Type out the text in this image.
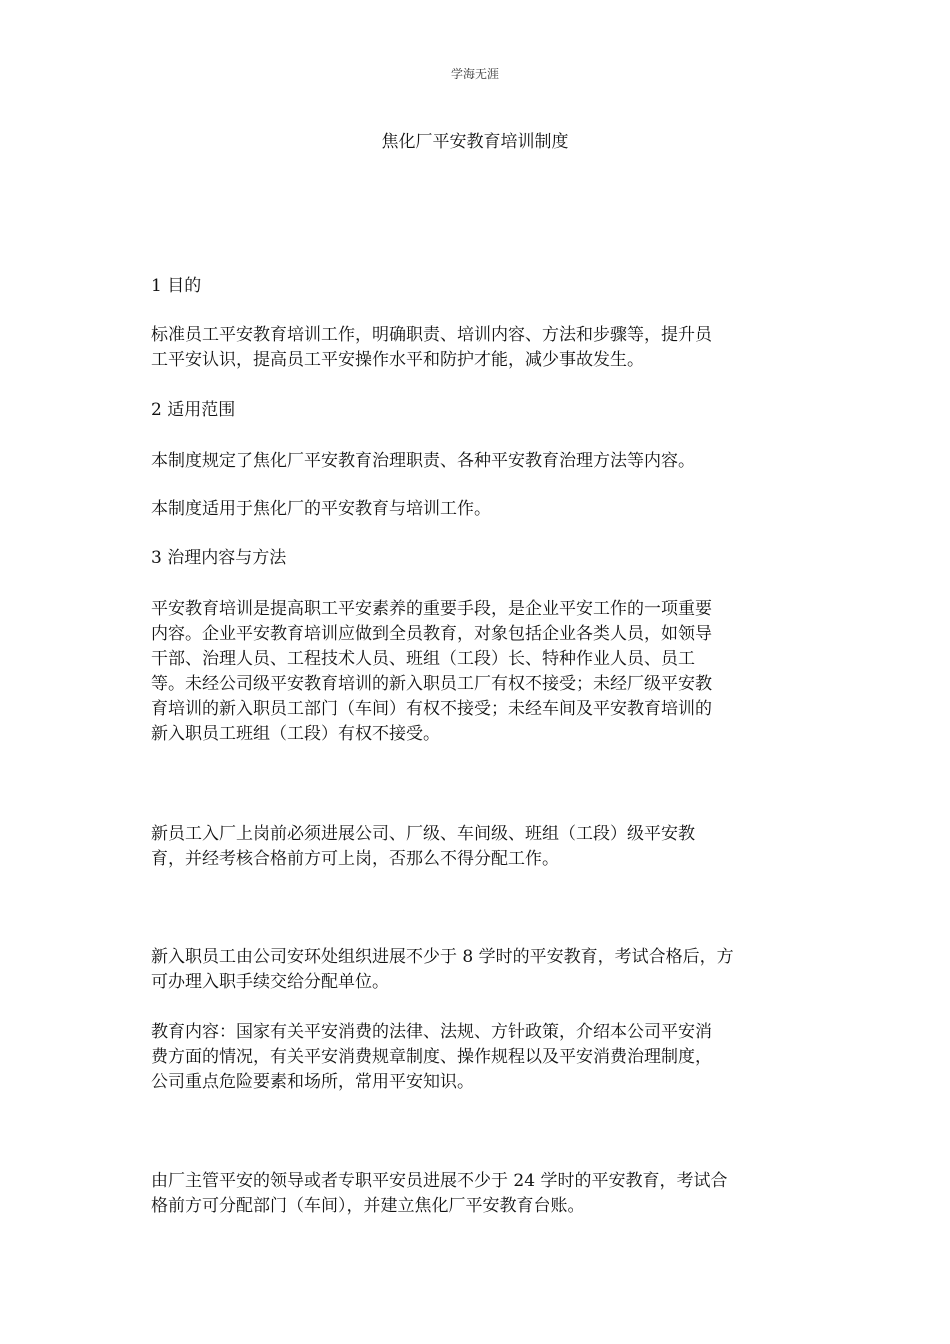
学海无涯
焦化厂平安教育培训制度

1 目的

标准员工平安教育培训工作，明确职责、培训内容、方法和步骤等，提升员
工平安认识，提高员工平安操作水平和防护才能，减少事故发生。

2 适用范围

本制度规定了焦化厂平安教育治理职责、各种平安教育治理方法等内容。

本制度适用于焦化厂的平安教育与培训工作。

3 治理内容与方法

平安教育培训是提高职工平安素养的重要手段，是企业平安工作的一项重要
内容。企业平安教育培训应做到全员教育，对象包括企业各类人员，如领导
干部、治理人员、工程技术人员、班组（工段）长、特种作业人员、员工
等。未经公司级平安教育培训的新入职员工厂有权不接受；未经厂级平安教
育培训的新入职员工部门（车间）有权不接受；未经车间及平安教育培训的
新入职员工班组（工段）有权不接受。

新员工入厂上岗前必须进展公司、厂级、车间级、班组（工段）级平安教
育，并经考核合格前方可上岗，否那么不得分配工作。

新入职员工由公司安环处组织进展不少于 8 学时的平安教育，考试合格后，方
可办理入职手续交给分配单位。

教育内容：国家有关平安消费的法律、法规、方针政策，介绍本公司平安消
费方面的情况，有关平安消费规章制度、操作规程以及平安消费治理制度，
公司重点危险要素和场所，常用平安知识。

由厂主管平安的领导或者专职平安员进展不少于 24 学时的平安教育，考试合
格前方可分配部门（车间），并建立焦化厂平安教育台账。
